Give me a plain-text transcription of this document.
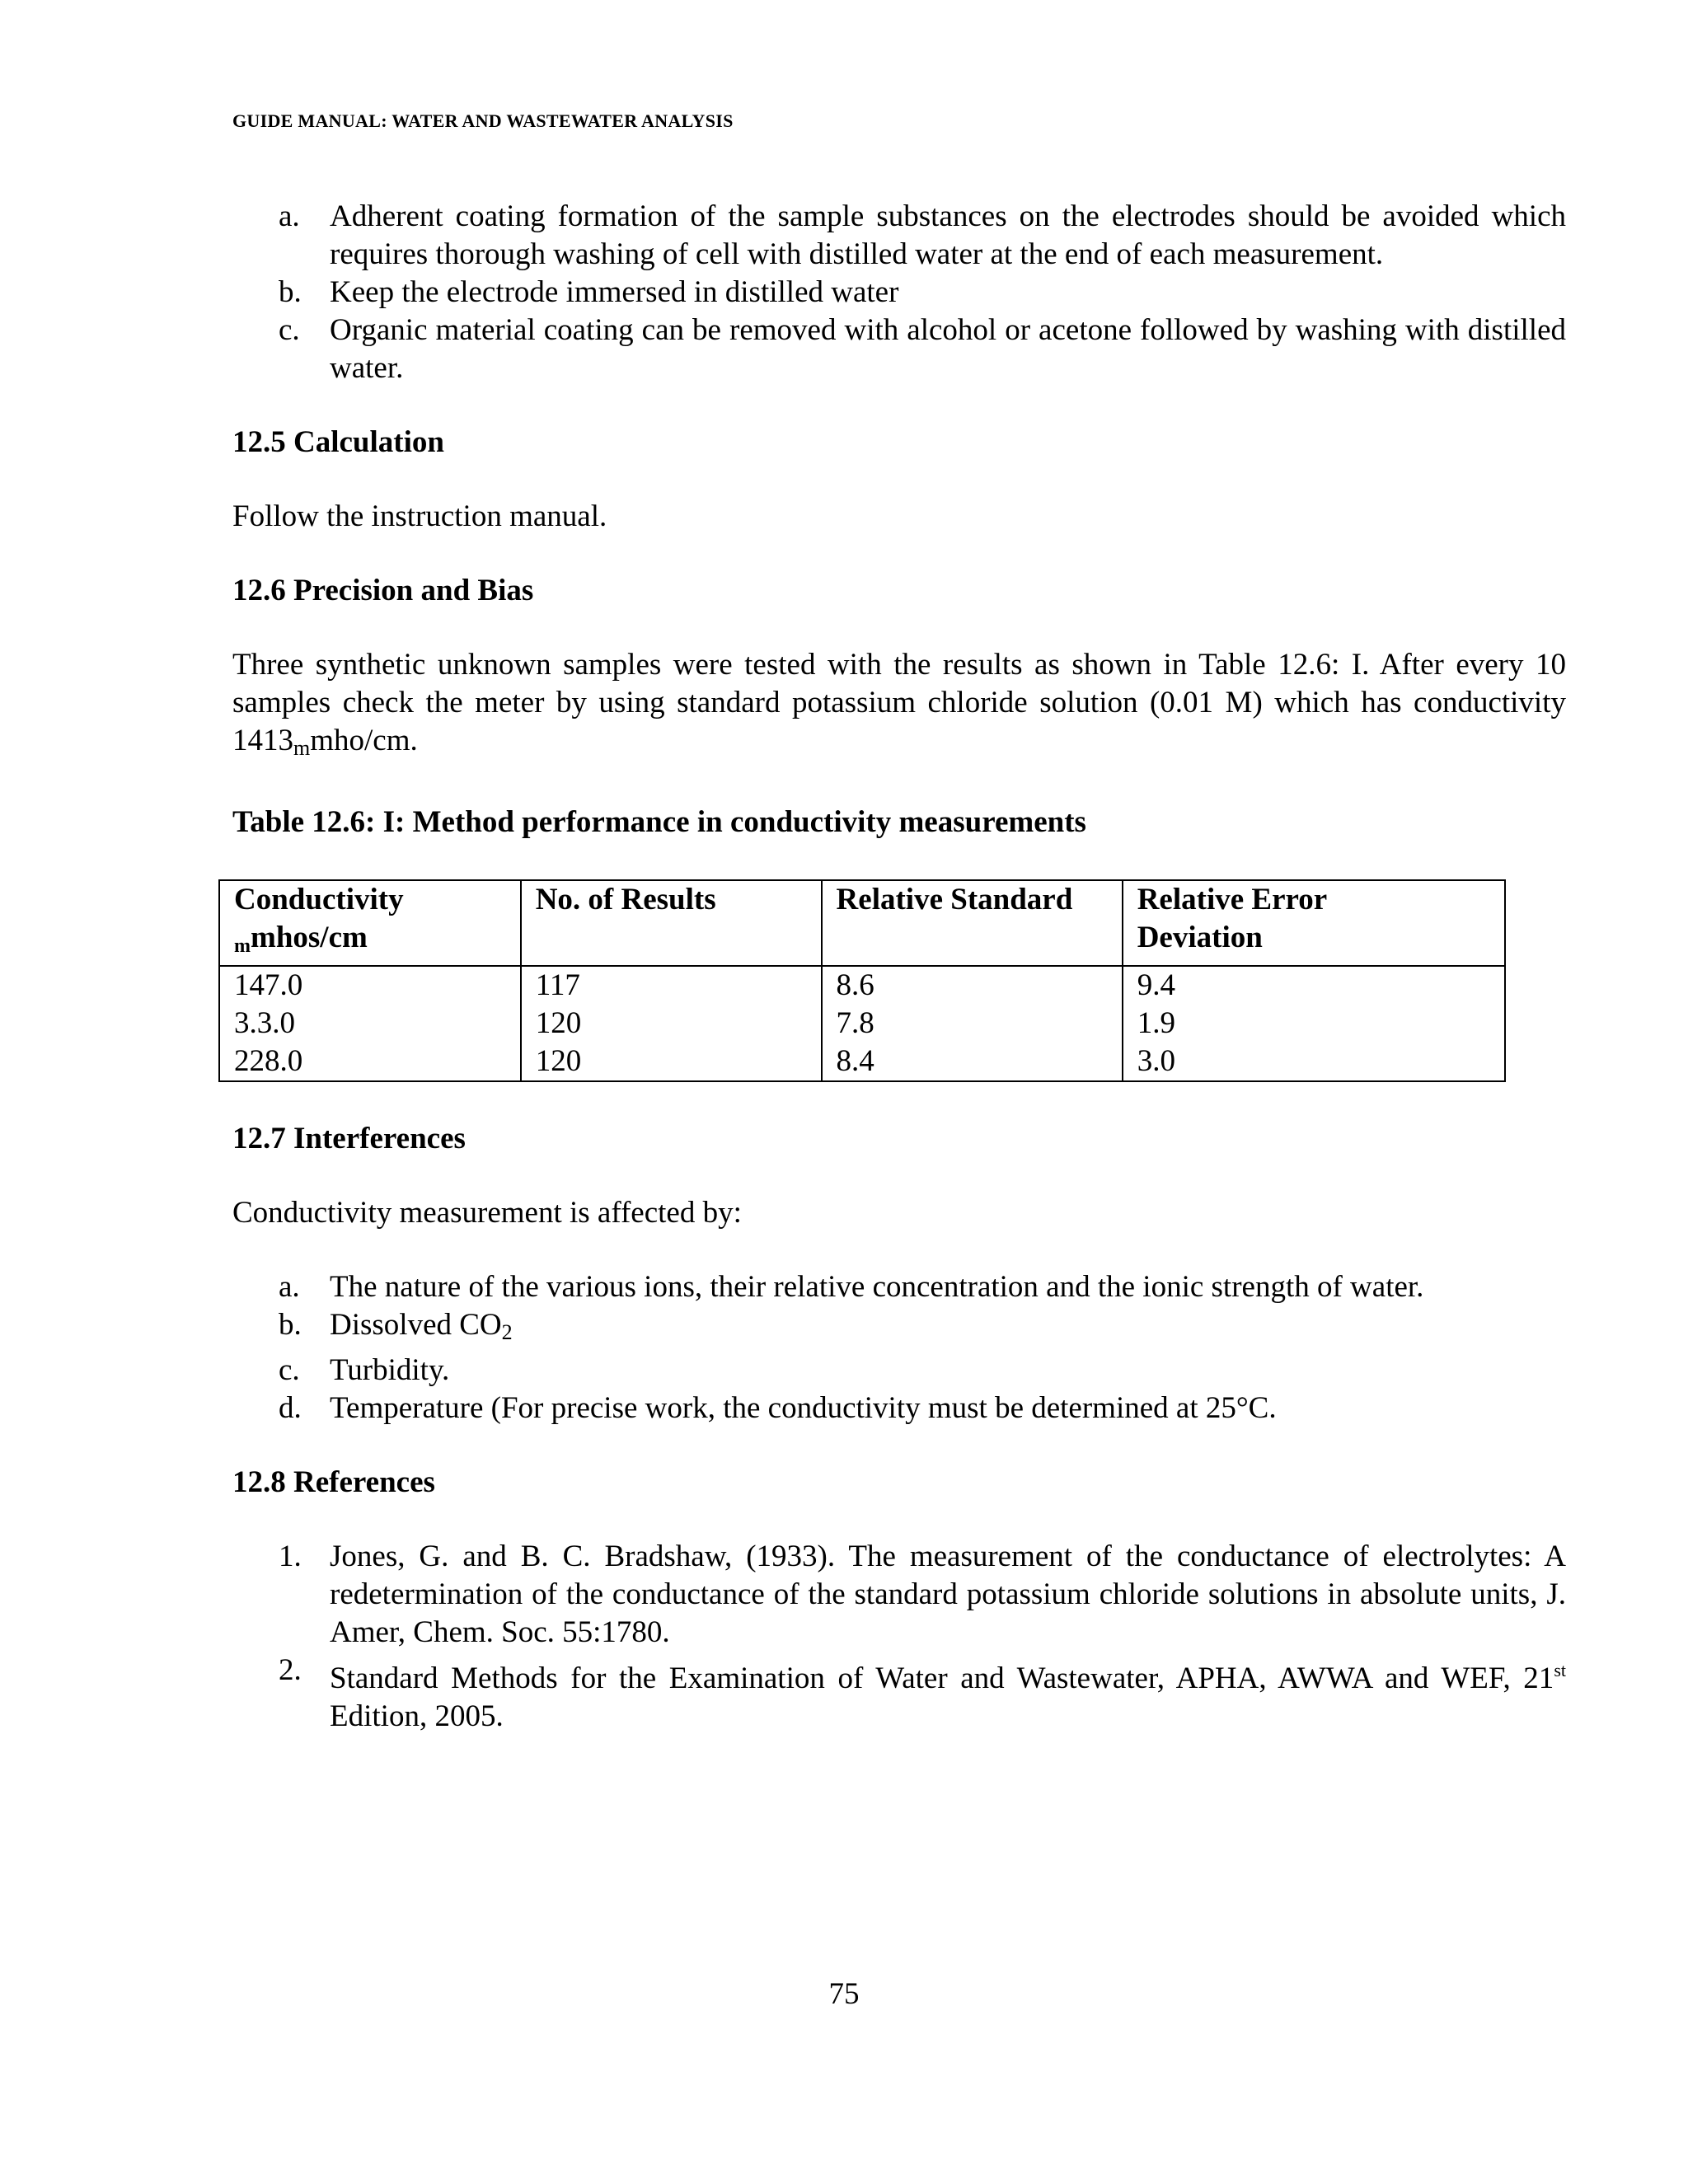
GUIDE MANUAL: WATER AND WASTEWATER ANALYSIS
a. Adherent coating formation of the sample substances on the electrodes should be avoided which requires thorough washing of cell with distilled water at the end of each measurement.
b. Keep the electrode immersed in distilled water
c. Organic material coating can be removed with alcohol or acetone followed by washing with distilled water.
12.5 Calculation

Follow the instruction manual.

12.6 Precision and Bias

Three synthetic unknown samples were tested with the results as shown in Table 12.6: I. After every 10 samples check the meter by using standard potassium chloride solution (0.01 M) which has conductivity $1413_mmho/cm$.

Table 12.6: I: Method performance in conductivity measurements
Conductivity
mmhos/cm	No. of Results	Relative Standard	Relative Error
Deviation
147.0	117	8.6	9.4
3.3.0	120	7.8	1.9
228.0	120	8.4	3.0
12.7 Interferences

Conductivity measurement is affected by:

a. The nature of the various ions, their relative concentration and the ionic strength of water.
b. Dissolved $CO_2$
c. Turbidity.
d. Temperature (For precise work, the conductivity must be determined at 25°C.
12.8 References
1. Jones, G. and B. C. Bradshaw, (1933). The measurement of the conductance of electrolytes: A redetermination of the conductance of the standard potassium chloride solutions in absolute units, J. Amer, Chem. Soc. 55:1780.
2. Standard Methods for the Examination of Water and Wastewater, APHA, AWWA and WEF, 21st Edition, 2005.
75
